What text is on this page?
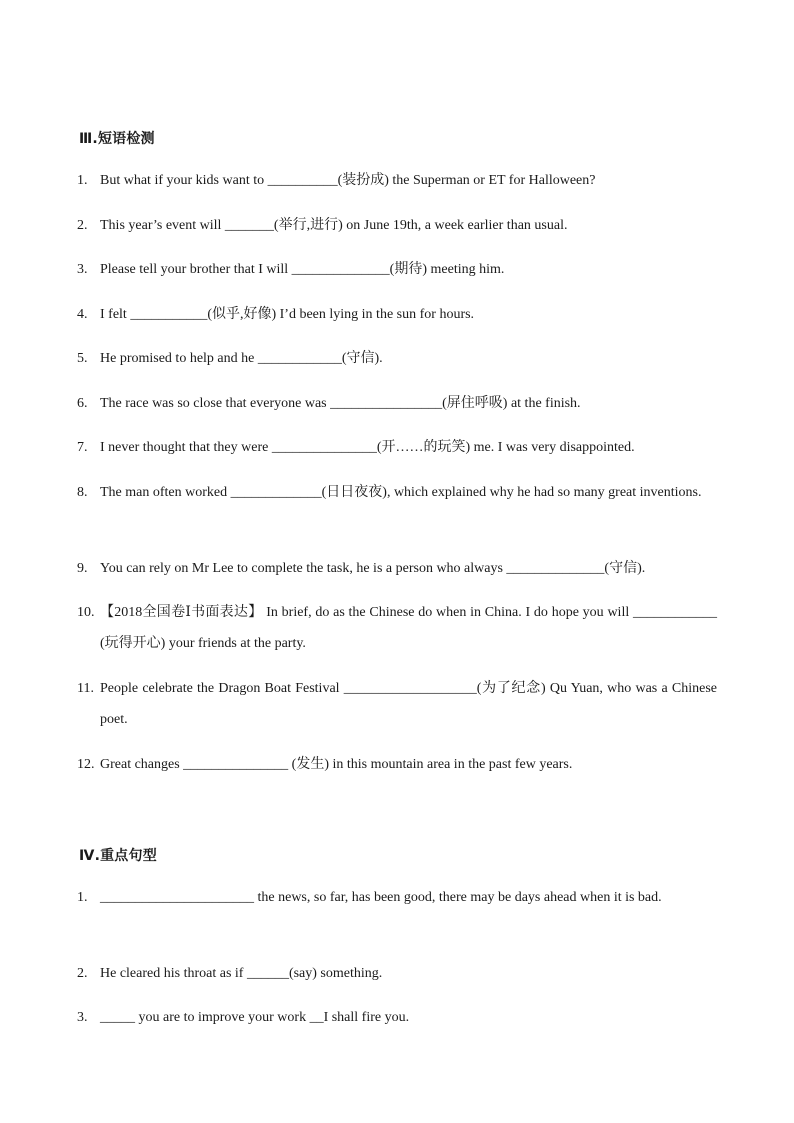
Ⅲ.短语检测
1. But what if your kids want to __________(装扮成) the Superman or ET for Halloween?
2. This year’s event will _______(举行,进行) on June 19th, a week earlier than usual.
3. Please tell your brother that I will ______________(期待) meeting him.
4. I felt ___________(似乎,好像) I’d been lying in the sun for hours.
5. He promised to help and he ____________(守信).
6. The race was so close that everyone was ________________(屏住呼吸) at the finish.
7. I never thought that they were _______________(开……的玩笑) me. I was very disappointed.
8. The man often worked _____________(日日夜夜), which explained why he had so many great inventions.
9. You can rely on Mr Lee to complete the task, he is a person who always ______________(守信).
10. 【2018全国卷Ⅰ书面表达】 In brief, do as the Chinese do when in China. I do hope you will ____________ (玩得开心) your friends at the party.
11. People celebrate the Dragon Boat Festival ___________________(为了纪念) Qu Yuan, who was a Chinese poet.
12. Great changes _______________ (发生) in this mountain area in the past few years.
Ⅳ.重点句型
1. ______________________ the news, so far, has been good, there may be days ahead when it is bad.
2. He cleared his throat as if ______(say) something.
3. _____ you are to improve your work __I shall fire you.
